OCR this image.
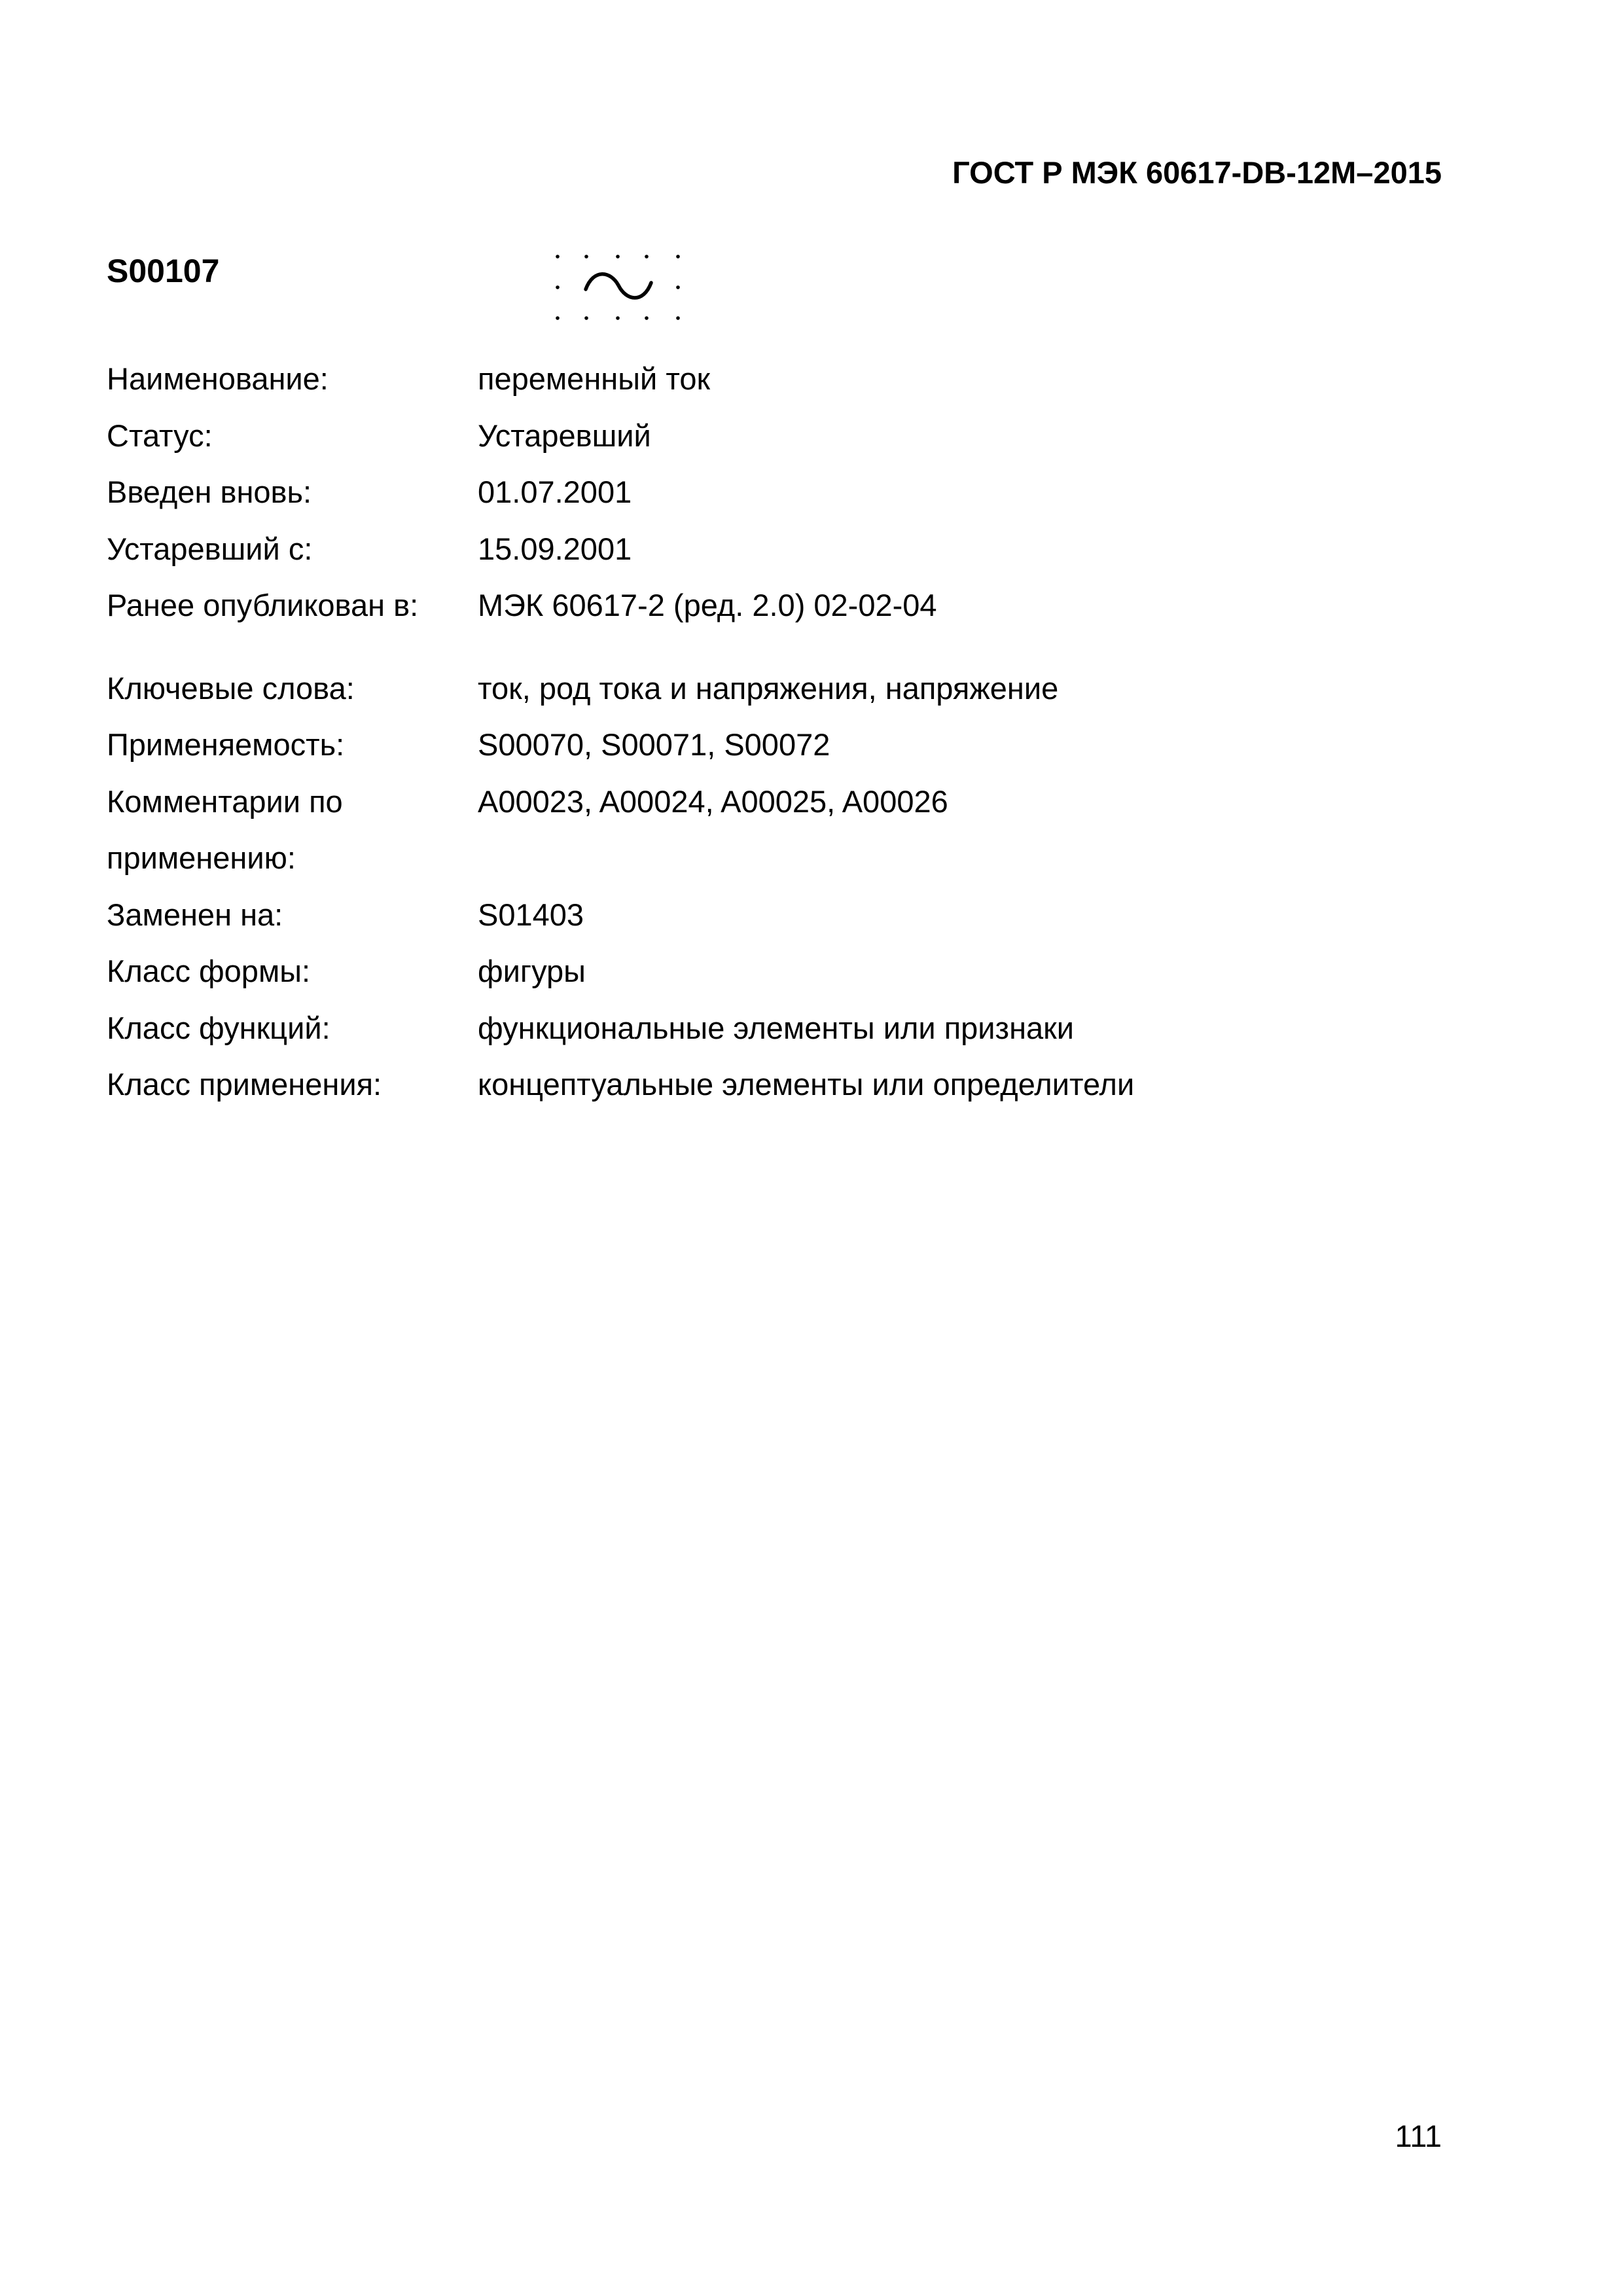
ГОСТ Р МЭК 60617-DB-12M–2015
S00107
Наименование:	переменный ток
Статус:	Устаревший
Введен вновь:	01.07.2001
Устаревший с:	15.09.2001
Ранее опубликован в:	МЭК 60617-2 (ред. 2.0) 02-02-04
Ключевые слова:	ток, род тока и напряжения, напряжение
Применяемость:	S00070, S00071, S00072
Комментарии по применению:
A00023, A00024, A00025, A00026
Заменен на:	S01403
Класс формы:	фигуры
Класс функций:	функциональные элементы или признаки
Класс применения:	концептуальные элементы или определители
111
